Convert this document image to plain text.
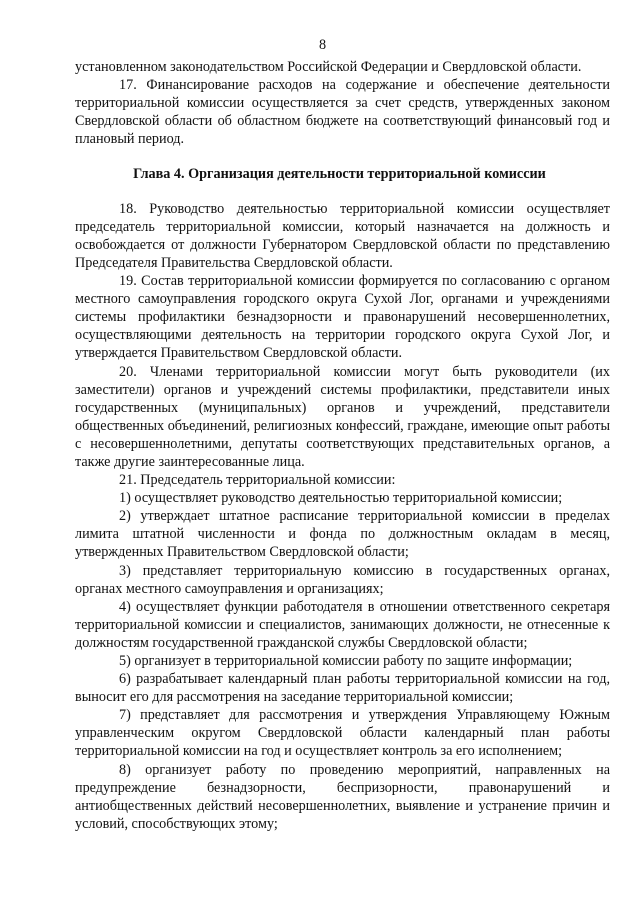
8

установленном законодательством Российской Федерации и Свердловской области.

17. Финансирование расходов на содержание и обеспечение деятельности территориальной комиссии осуществляется за счет средств, утвержденных законом Свердловской области об областном бюджете на соответствующий финансовый год и плановый период.

Глава 4. Организация деятельности территориальной комиссии

18. Руководство деятельностью территориальной комиссии осуществляет председатель территориальной комиссии, который назначается на должность и освобождается от должности Губернатором Свердловской области по представлению Председателя Правительства Свердловской области.

19. Состав территориальной комиссии формируется по согласованию с органом местного самоуправления городского округа Сухой Лог, органами и учреждениями системы профилактики безнадзорности и правонарушений несовершеннолетних, осуществляющими деятельность на территории городского округа Сухой Лог, и утверждается Правительством Свердловской области.

20. Членами территориальной комиссии могут быть руководители (их заместители) органов и учреждений системы профилактики, представители иных государственных (муниципальных) органов и учреждений, представители общественных объединений, религиозных конфессий, граждане, имеющие опыт работы с несовершеннолетними, депутаты соответствующих представительных органов, а также другие заинтересованные лица.

21. Председатель территориальной комиссии:

1) осуществляет руководство деятельностью территориальной комиссии;

2) утверждает штатное расписание территориальной комиссии в пределах лимита штатной численности и фонда по должностным окладам в месяц, утвержденных Правительством Свердловской области;

3) представляет территориальную комиссию в государственных органах, органах местного самоуправления и организациях;

4) осуществляет функции работодателя в отношении ответственного секретаря территориальной комиссии и специалистов, занимающих должности, не отнесенные к должностям государственной гражданской службы Свердловской области;

5) организует в территориальной комиссии работу по защите информации;

6) разрабатывает календарный план работы территориальной комиссии на год, выносит его для рассмотрения на заседание территориальной комиссии;

7) представляет для рассмотрения и утверждения Управляющему Южным управленческим округом Свердловской области календарный план работы территориальной комиссии на год и осуществляет контроль за его исполнением;

8) организует работу по проведению мероприятий, направленных на предупреждение безнадзорности, беспризорности, правонарушений и антиобщественных действий несовершеннолетних, выявление и устранение причин и условий, способствующих этому;
